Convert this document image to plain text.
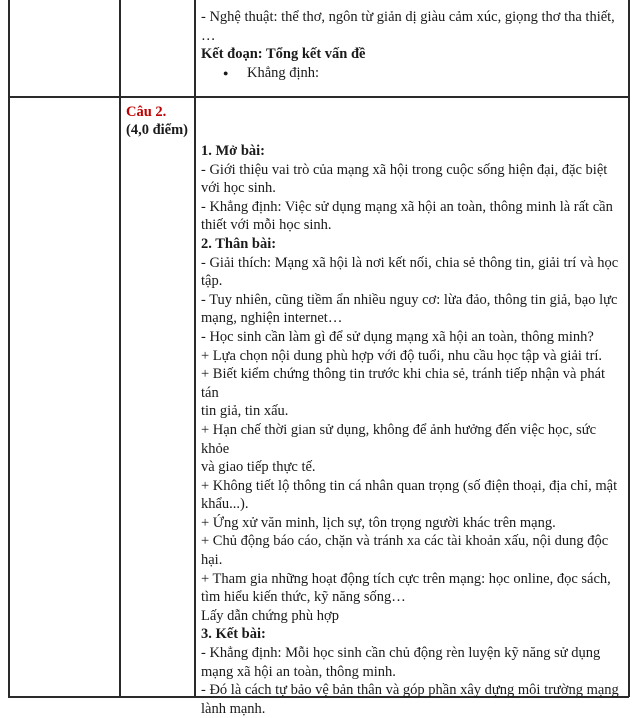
- Nghệ thuật: thể thơ, ngôn từ giản dị giàu cảm xúc, giọng thơ tha thiết,

…

Kết đoạn: Tổng kết vấn đề

● Khẳng định:

Câu 2.
(4,0 điểm)

1. Mở bài:

- Giới thiệu vai trò của mạng xã hội trong cuộc sống hiện đại, đặc biệt

với học sinh.

- Khẳng định: Việc sử dụng mạng xã hội an toàn, thông minh là rất cần

thiết với mỗi học sinh.

2. Thân bài:

- Giải thích: Mạng xã hội là nơi kết nối, chia sẻ thông tin, giải trí và học

tập.

- Tuy nhiên, cũng tiềm ẩn nhiều nguy cơ: lừa đảo, thông tin giả, bạo lực

mạng, nghiện internet…

- Học sinh cần làm gì để sử dụng mạng xã hội an toàn, thông minh?

+ Lựa chọn nội dung phù hợp với độ tuổi, nhu cầu học tập và giải trí.

+ Biết kiểm chứng thông tin trước khi chia sẻ, tránh tiếp nhận và phát tán

tin giả, tin xấu.

+ Hạn chế thời gian sử dụng, không để ảnh hưởng đến việc học, sức khỏe

và giao tiếp thực tế.

+ Không tiết lộ thông tin cá nhân quan trọng (số điện thoại, địa chỉ, mật

khẩu...).

+ Ứng xử văn minh, lịch sự, tôn trọng người khác trên mạng.

+ Chủ động báo cáo, chặn và tránh xa các tài khoản xấu, nội dung độc

hại.

+ Tham gia những hoạt động tích cực trên mạng: học online, đọc sách,

tìm hiểu kiến thức, kỹ năng sống…

Lấy dẫn chứng phù hợp

3. Kết bài:

- Khẳng định: Mỗi học sinh cần chủ động rèn luyện kỹ năng sử dụng

mạng xã hội an toàn, thông minh.

- Đó là cách tự bảo vệ bản thân và góp phần xây dựng môi trường mạng

lành mạnh.
